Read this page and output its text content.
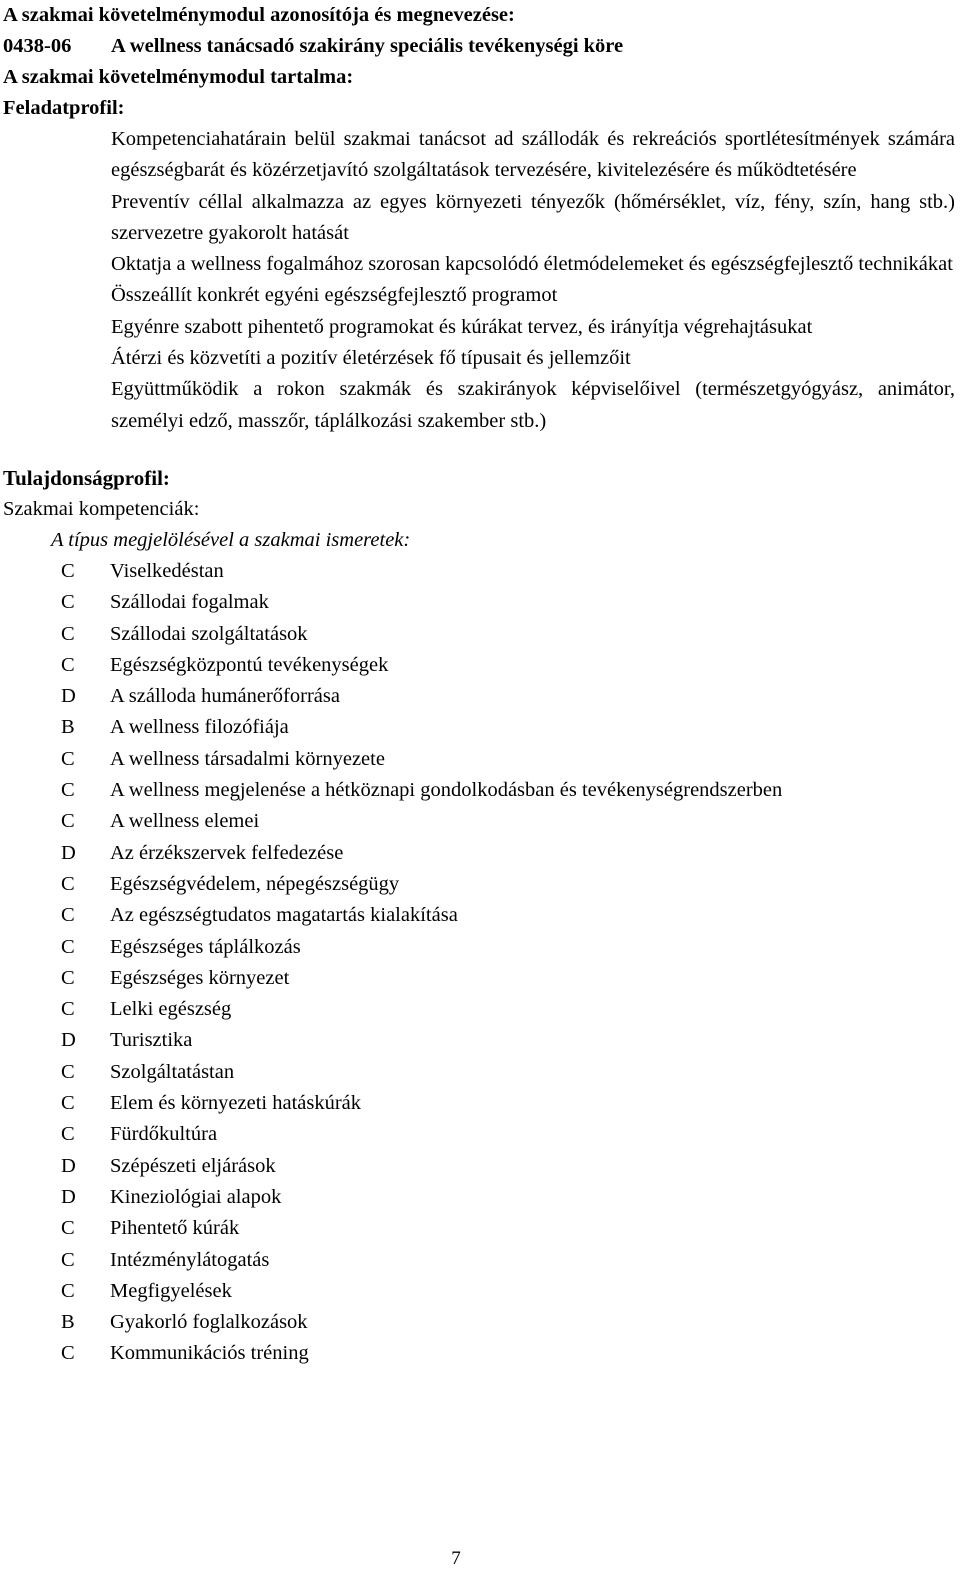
A szakmai követelménymodul azonosítója és megnevezése:
0438-06 A wellness tanácsadó szakirány speciális tevékenységi köre
A szakmai követelménymodul tartalma:
Feladatprofil:
Kompetenciahatárain belül szakmai tanácsot ad szállodák és rekreációs sportlétesítmények számára egészségbarát és közérzetjavító szolgáltatások tervezésére, kivitelezésére és működtetésére
Preventív céllal alkalmazza az egyes környezeti tényezők (hőmérséklet, víz, fény, szín, hang stb.) szervezetre gyakorolt hatását
Oktatja a wellness fogalmához szorosan kapcsolódó életmódelemeket és egészségfejlesztő technikákat
Összeállít konkrét egyéni egészségfejlesztő programot
Egyénre szabott pihentető programokat és kúrákat tervez, és irányítja végrehajtásukat
Átérzi és közvetíti a pozitív életérzések fő típusait és jellemzőit
Együttműködik a rokon szakmák és szakirányok képviselőivel (természetgyógyász, animátor, személyi edző, masszőr, táplálkozási szakember stb.)
Tulajdonságprofil:
Szakmai kompetenciák:
A típus megjelölésével a szakmai ismeretek:
C Viselkedéstan
C Szállodai fogalmak
C Szállodai szolgáltatások
C Egészségközpontú tevékenységek
D A szálloda humánerőforrása
B A wellness filozófiája
C A wellness társadalmi környezete
C A wellness megjelenése a hétköznapi gondolkodásban és tevékenységrendszerben
C A wellness elemei
D Az érzékszervek felfedezése
C Egészségvédelem, népegészségügy
C Az egészségtudatos magatartás kialakítása
C Egészséges táplálkozás
C Egészséges környezet
C Lelki egészség
D Turisztika
C Szolgáltatástan
C Elem és környezeti hatáskúrák
C Fürdőkultúra
D Szépészeti eljárások
D Kineziológiai alapok
C Pihentető kúrák
C Intézménylátogatás
C Megfigyelések
B Gyakorló foglalkozások
C Kommunikációs tréning
7
